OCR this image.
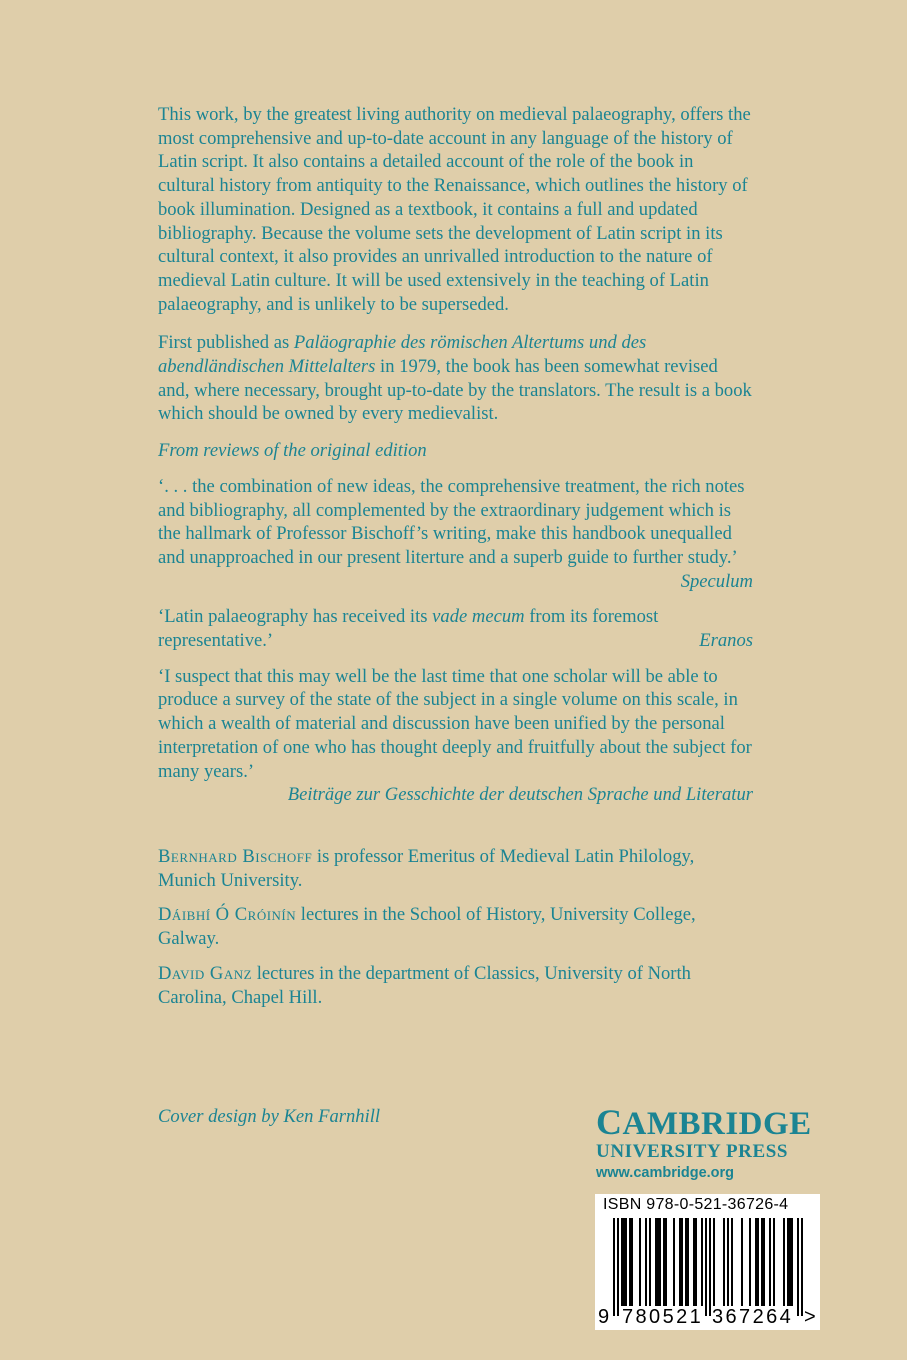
This work, by the greatest living authority on medieval palaeography, offers the most comprehensive and up-to-date account in any language of the history of Latin script. It also contains a detailed account of the role of the book in cultural history from antiquity to the Renaissance, which outlines the history of book illumination. Designed as a textbook, it contains a full and updated bibliography. Because the volume sets the development of Latin script in its cultural context, it also provides an unrivalled introduction to the nature of medieval Latin culture. It will be used extensively in the teaching of Latin palaeography, and is unlikely to be superseded.

First published as Paläographie des römischen Altertums und des abendländischen Mittelalters in 1979, the book has been somewhat revised and, where necessary, brought up-to-date by the translators. The result is a book which should be owned by every medievalist.

From reviews of the original edition

‘. . . the combination of new ideas, the comprehensive treatment, the rich notes and bibliography, all complemented by the extraordinary judgement which is the hallmark of Professor Bischoff’s writing, make this handbook unequalled and unapproached in our present literture and a superb guide to further study.’
Speculum
‘Latin palaeography has received its vade mecum from its foremost representative.’	Eranos
‘I suspect that this may well be the last time that one scholar will be able to produce a survey of the state of the subject in a single volume on this scale, in which a wealth of material and discussion have been unified by the personal interpretation of one who has thought deeply and fruitfully about the subject for many years.’
Beiträge zur Gesschichte der deutschen Sprache und Literatur

Bernhard Bischoff is professor Emeritus of Medieval Latin Philology, Munich University.

Dáibhí Ó Cróinín lectures in the School of History, University College, Galway.

David Ganz lectures in the department of Classics, University of North Carolina, Chapel Hill.

Cover design by Ken Farnhill	CAMBRIDGE
UNIVERSITY PRESS
www.cambridge.org
ISBN 978-0-521-36726-4
9 780521 367264 >
